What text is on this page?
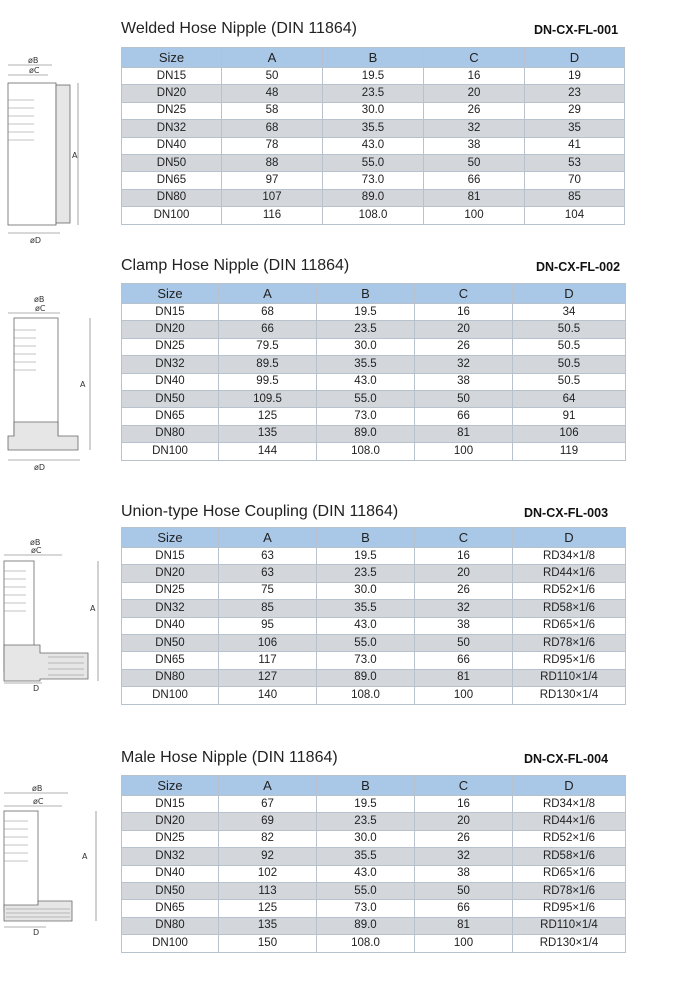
Welded Hose Nipple (DIN 11864)	DN-CX-FL-001
øB
øC
A
øD
Size	A	B	C	D
DN15	50	19.5	16	19
DN20	48	23.5	20	23
DN25	58	30.0	26	29
DN32	68	35.5	32	35
DN40	78	43.0	38	41
DN50	88	55.0	50	53
DN65	97	73.0	66	70
DN80	107	89.0	81	85
DN100	116	108.0	100	104
Clamp Hose Nipple (DIN 11864)	DN-CX-FL-002
øB
øC
A
øD
Size	A	B	C	D
DN15	68	19.5	16	34
DN20	66	23.5	20	50.5
DN25	79.5	30.0	26	50.5
DN32	89.5	35.5	32	50.5
DN40	99.5	43.0	38	50.5
DN50	109.5	55.0	50	64
DN65	125	73.0	66	91
DN80	135	89.0	81	106
DN100	144	108.0	100	119
Union-type Hose Coupling (DIN 11864)	DN-CX-FL-003
øB
øC
A
D
Size	A	B	C	D
DN15	63	19.5	16	RD34×1/8
DN20	63	23.5	20	RD44×1/6
DN25	75	30.0	26	RD52×1/6
DN32	85	35.5	32	RD58×1/6
DN40	95	43.0	38	RD65×1/6
DN50	106	55.0	50	RD78×1/6
DN65	117	73.0	66	RD95×1/6
DN80	127	89.0	81	RD110×1/4
DN100	140	108.0	100	RD130×1/4
Male Hose Nipple (DIN 11864)	DN-CX-FL-004
øB
øC
A
D
Size	A	B	C	D
DN15	67	19.5	16	RD34×1/8
DN20	69	23.5	20	RD44×1/6
DN25	82	30.0	26	RD52×1/6
DN32	92	35.5	32	RD58×1/6
DN40	102	43.0	38	RD65×1/6
DN50	113	55.0	50	RD78×1/6
DN65	125	73.0	66	RD95×1/6
DN80	135	89.0	81	RD110×1/4
DN100	150	108.0	100	RD130×1/4
